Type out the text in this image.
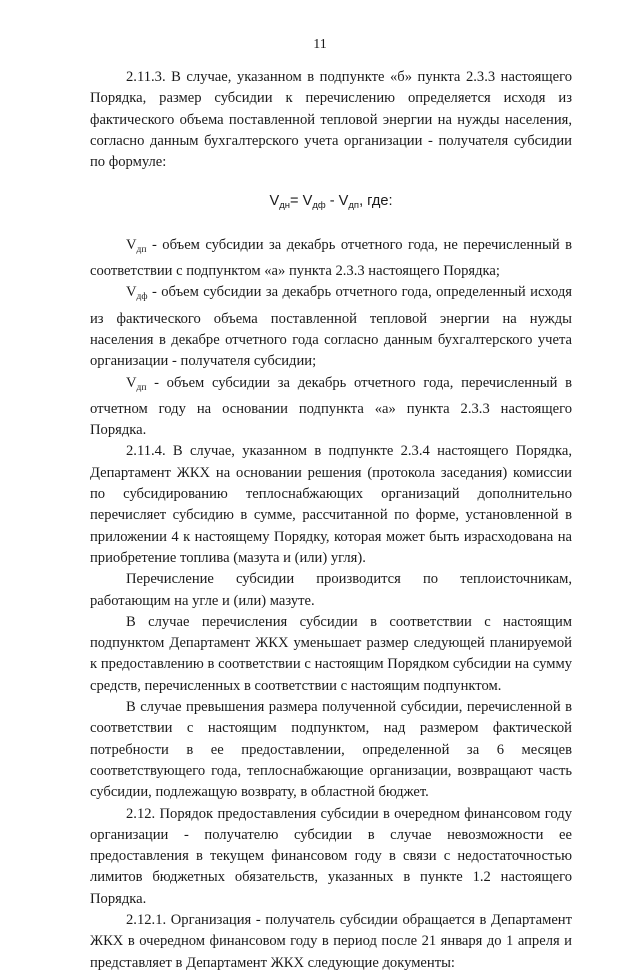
11

2.11.3. В случае, указанном в подпункте «б» пункта 2.3.3 настоящего Порядка, размер субсидии к перечислению определяется исходя из фактического объема поставленной тепловой энергии на нужды населения, согласно данным бухгалтерского учета организации - получателя субсидии по формуле:

$V_{дн}= V_{дф} - V_{дп}$, где:

$V_{дп}$ - объем субсидии за декабрь отчетного года, не перечисленный в соответствии с подпунктом «а» пункта 2.3.3 настоящего Порядка;

$V_{дф}$ - объем субсидии за декабрь отчетного года, определенный исходя из фактического объема поставленной тепловой энергии на нужды населения в декабре отчетного года согласно данным бухгалтерского учета организации - получателя субсидии;

$V_{дп}$ - объем субсидии за декабрь отчетного года, перечисленный в отчетном году на основании подпункта «а» пункта 2.3.3 настоящего Порядка.

2.11.4. В случае, указанном в подпункте 2.3.4 настоящего Порядка, Департамент ЖКХ на основании решения (протокола заседания) комиссии по субсидированию теплоснабжающих организаций дополнительно перечисляет субсидию в сумме, рассчитанной по форме, установленной в приложении 4 к настоящему Порядку, которая может быть израсходована на приобретение топлива (мазута и (или) угля).

Перечисление субсидии производится по теплоисточникам, работающим на угле и (или) мазуте.

В случае перечисления субсидии в соответствии с настоящим подпунктом Департамент ЖКХ уменьшает размер следующей планируемой к предоставлению в соответствии с настоящим Порядком субсидии на сумму средств, перечисленных в соответствии с настоящим подпунктом.

В случае превышения размера полученной субсидии, перечисленной в соответствии с настоящим подпунктом, над размером фактической потребности в ее предоставлении, определенной за 6 месяцев соответствующего года, теплоснабжающие организации, возвращают часть субсидии, подлежащую возврату, в областной бюджет.

2.12. Порядок предоставления субсидии в очередном финансовом году организации - получателю субсидии в случае невозможности ее предоставления в текущем финансовом году в связи с недостаточностью лимитов бюджетных обязательств, указанных в пункте 1.2 настоящего Порядка.

2.12.1. Организация - получатель субсидии обращается в Департамент ЖКХ в очередном финансовом году в период после 21 января до 1 апреля и представляет в Департамент ЖКХ следующие документы:
